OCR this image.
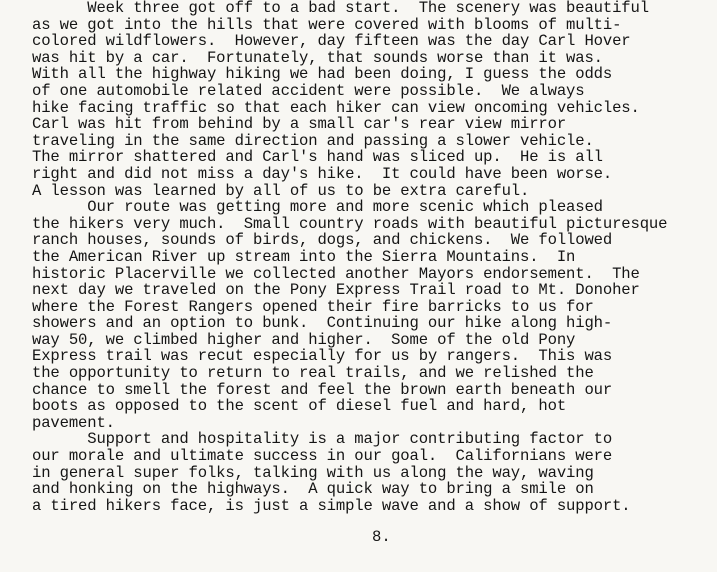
Week three got off to a bad start.  The scenery was beautiful
as we got into the hills that were covered with blooms of multi-
colored wildflowers.  However, day fifteen was the day Carl Hover
was hit by a car.  Fortunately, that sounds worse than it was.
With all the highway hiking we had been doing, I guess the odds
of one automobile related accident were possible.  We always
hike facing traffic so that each hiker can view oncoming vehicles.
Carl was hit from behind by a small car's rear view mirror
traveling in the same direction and passing a slower vehicle.
The mirror shattered and Carl's hand was sliced up.  He is all
right and did not miss a day's hike.  It could have been worse.
A lesson was learned by all of us to be extra careful.
Our route was getting more and more scenic which pleased
the hikers very much.  Small country roads with beautiful picturesque
ranch houses, sounds of birds, dogs, and chickens.  We followed
the American River up stream into the Sierra Mountains.  In
historic Placerville we collected another Mayors endorsement.  The
next day we traveled on the Pony Express Trail road to Mt. Donoher
where the Forest Rangers opened their fire barricks to us for
showers and an option to bunk.  Continuing our hike along high-
way 50, we climbed higher and higher.  Some of the old Pony
Express trail was recut especially for us by rangers.  This was
the opportunity to return to real trails, and we relished the
chance to smell the forest and feel the brown earth beneath our
boots as opposed to the scent of diesel fuel and hard, hot
pavement.
Support and hospitality is a major contributing factor to
our morale and ultimate success in our goal.  Californians were
in general super folks, talking with us along the way, waving
and honking on the highways.  A quick way to bring a smile on
a tired hikers face, is just a simple wave and a show of support.
8.
